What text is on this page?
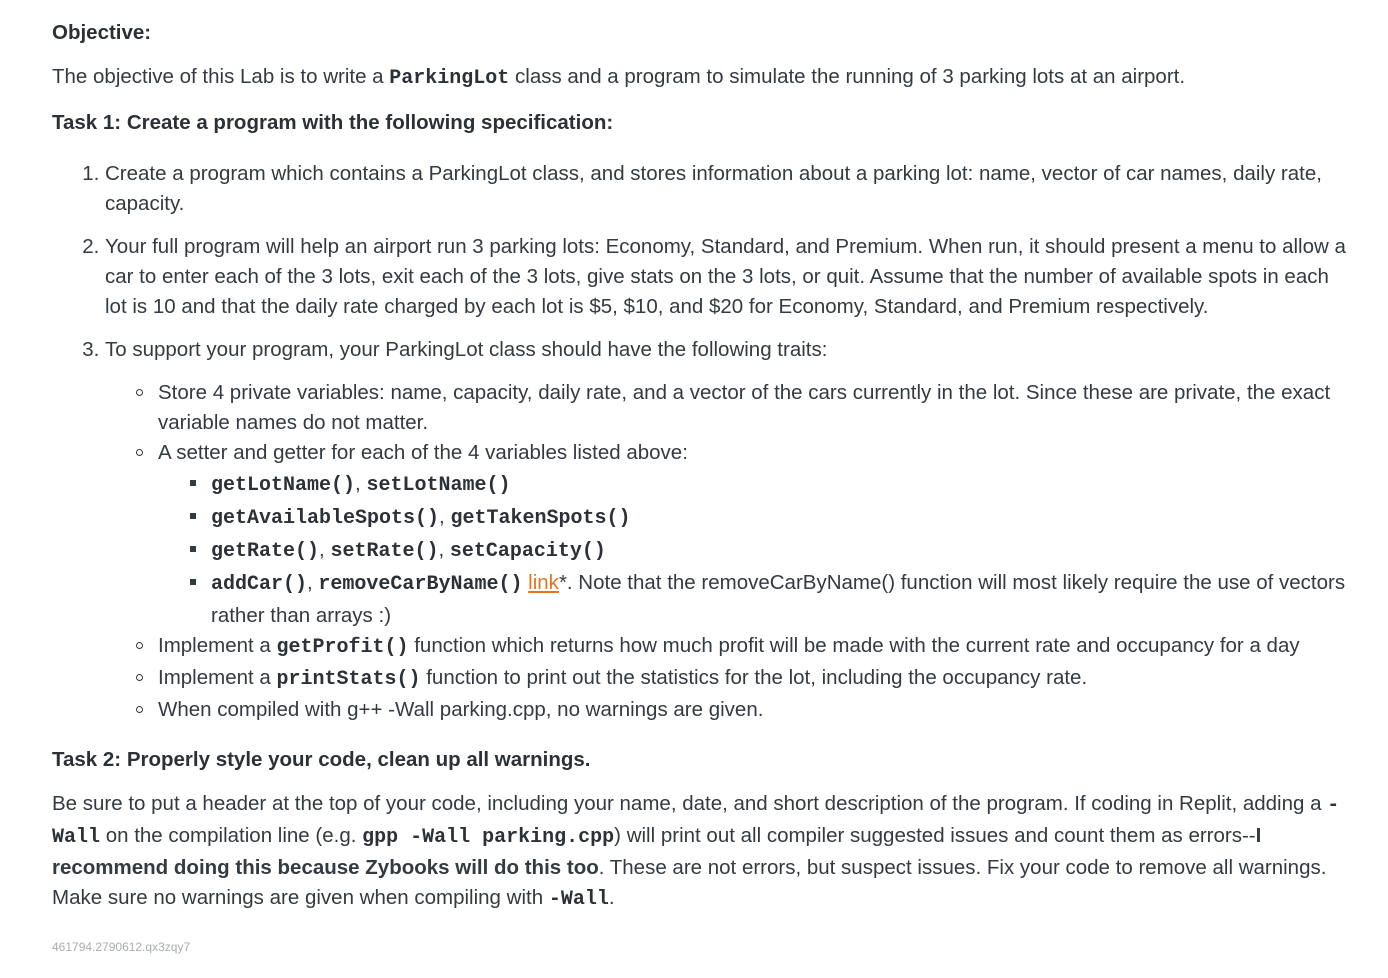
Objective:

The objective of this Lab is to write a ParkingLot class and a program to simulate the running of 3 parking lots at an airport.

Task 1: Create a program with the following specification:

1. Create a program which contains a ParkingLot class, and stores information about a parking lot: name, vector of car names, daily rate, capacity.
2. Your full program will help an airport run 3 parking lots: Economy, Standard, and Premium. When run, it should present a menu to allow a car to enter each of the 3 lots, exit each of the 3 lots, give stats on the 3 lots, or quit. Assume that the number of available spots in each lot is 10 and that the daily rate charged by each lot is $5, $10, and $20 for Economy, Standard, and Premium respectively.
3. To support your program, your ParkingLot class should have the following traits:
Store 4 private variables: name, capacity, daily rate, and a vector of the cars currently in the lot. Since these are private, the exact variable names do not matter.
A setter and getter for each of the 4 variables listed above:
getLotName(), setLotName()
getAvailableSpots(), getTakenSpots()
getRate(), setRate(), setCapacity()
addCar(), removeCarByName() link*. Note that the removeCarByName() function will most likely require the use of vectors rather than arrays :)
Implement a getProfit() function which returns how much profit will be made with the current rate and occupancy for a day
Implement a printStats() function to print out the statistics for the lot, including the occupancy rate.
When compiled with g++ -Wall parking.cpp, no warnings are given.

Task 2: Properly style your code, clean up all warnings.

Be sure to put a header at the top of your code, including your name, date, and short description of the program. If coding in Replit, adding a -Wall on the compilation line (e.g. gpp -Wall parking.cpp) will print out all compiler suggested issues and count them as errors--I recommend doing this because Zybooks will do this too. These are not errors, but suspect issues. Fix your code to remove all warnings. Make sure no warnings are given when compiling with -Wall.

461794.2790612.qx3zqy7
